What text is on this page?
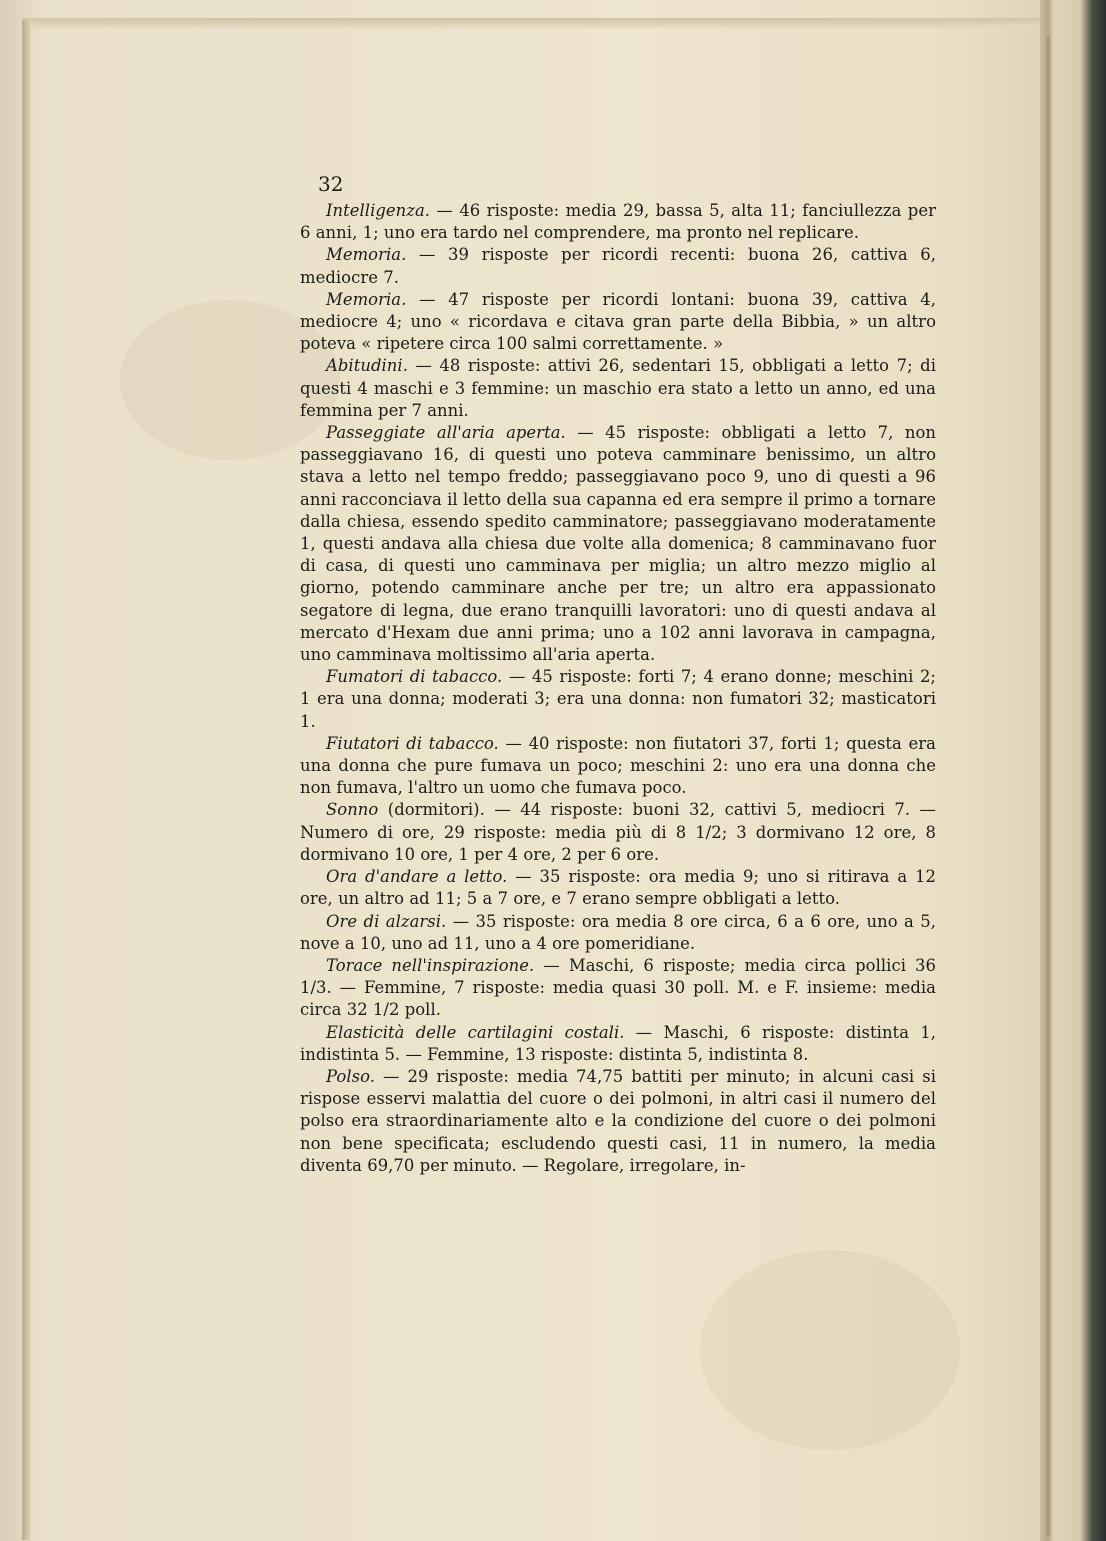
32

Intelligenza. — 46 risposte: media 29, bassa 5, alta 11; fanciullezza per 6 anni, 1; uno era tardo nel comprendere, ma pronto nel replicare.

Memoria. — 39 risposte per ricordi recenti: buona 26, cattiva 6, mediocre 7.

Memoria. — 47 risposte per ricordi lontani: buona 39, cattiva 4, mediocre 4; uno « ricordava e citava gran parte della Bibbia, » un altro poteva « ripetere circa 100 salmi correttamente. »

Abitudini. — 48 risposte: attivi 26, sedentari 15, obbligati a letto 7; di questi 4 maschi e 3 femmine: un maschio era stato a letto un anno, ed una femmina per 7 anni.

Passeggiate all'aria aperta. — 45 risposte: obbligati a letto 7, non passeggiavano 16, di questi uno poteva camminare benissimo, un altro stava a letto nel tempo freddo; passeggiavano poco 9, uno di questi a 96 anni racconciava il letto della sua capanna ed era sempre il primo a tornare dalla chiesa, essendo spedito camminatore; passeggiavano moderatamente 1, questi andava alla chiesa due volte alla domenica; 8 camminavano fuor di casa, di questi uno camminava per miglia; un altro mezzo miglio al giorno, potendo camminare anche per tre; un altro era appassionato segatore di legna, due erano tranquilli lavoratori: uno di questi andava al mercato d'Hexam due anni prima; uno a 102 anni lavorava in campagna, uno camminava moltissimo all'aria aperta.

Fumatori di tabacco. — 45 risposte: forti 7; 4 erano donne; meschini 2; 1 era una donna; moderati 3; era una donna: non fumatori 32; masticatori 1.

Fiutatori di tabacco. — 40 risposte: non fiutatori 37, forti 1; questa era una donna che pure fumava un poco; meschini 2: uno era una donna che non fumava, l'altro un uomo che fumava poco.

Sonno (dormitori). — 44 risposte: buoni 32, cattivi 5, mediocri 7. — Numero di ore, 29 risposte: media più di 8 1/2; 3 dormivano 12 ore, 8 dormivano 10 ore, 1 per 4 ore, 2 per 6 ore.

Ora d'andare a letto. — 35 risposte: ora media 9; uno si ritirava a 12 ore, un altro ad 11; 5 a 7 ore, e 7 erano sempre obbligati a letto.

Ore di alzarsi. — 35 risposte: ora media 8 ore circa, 6 a 6 ore, uno a 5, nove a 10, uno ad 11, uno a 4 ore pomeridiane.

Torace nell'inspirazione. — Maschi, 6 risposte; media circa pollici 36 1/3. — Femmine, 7 risposte: media quasi 30 poll. M. e F. insieme: media circa 32 1/2 poll.

Elasticità delle cartilagini costali. — Maschi, 6 risposte: distinta 1, indistinta 5. — Femmine, 13 risposte: distinta 5, indistinta 8.

Polso. — 29 risposte: media 74,75 battiti per minuto; in alcuni casi si rispose esservi malattia del cuore o dei polmoni, in altri casi il numero del polso era straordinariamente alto e la condizione del cuore o dei polmoni non bene specificata; escludendo questi casi, 11 in numero, la media diventa 69,70 per minuto. — Regolare, irregolare, in-
